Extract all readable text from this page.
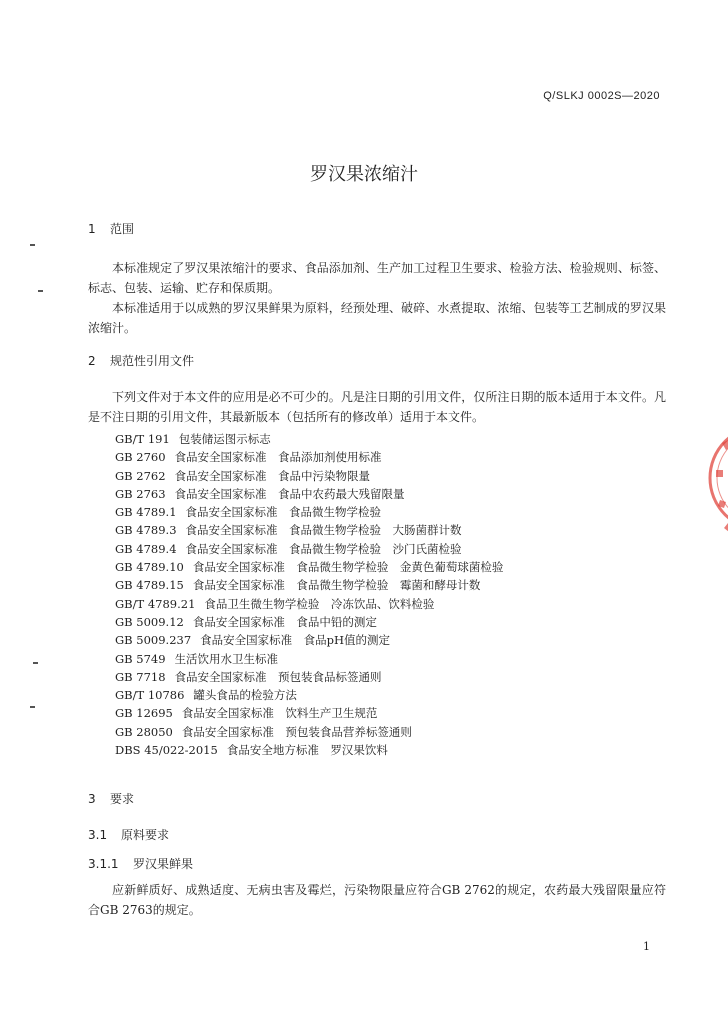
Q/SLKJ 0002S—2020
罗汉果浓缩汁
1 范围

本标准规定了罗汉果浓缩汁的要求、食品添加剂、生产加工过程卫生要求、检验方法、检验规则、标签、标志、包装、运输、贮存和保质期。

本标准适用于以成熟的罗汉果鲜果为原料，经预处理、破碎、水煮提取、浓缩、包装等工艺制成的罗汉果浓缩汁。

2 规范性引用文件

下列文件对于本文件的应用是必不可少的。凡是注日期的引用文件，仅所注日期的版本适用于本文件。凡是不注日期的引用文件，其最新版本（包括所有的修改单）适用于本文件。

GB/T 191 包装储运图示标志
GB 2760 食品安全国家标准　食品添加剂使用标准
GB 2762 食品安全国家标准　食品中污染物限量
GB 2763 食品安全国家标准　食品中农药最大残留限量
GB 4789.1 食品安全国家标准　食品微生物学检验
GB 4789.3 食品安全国家标准　食品微生物学检验　大肠菌群计数
GB 4789.4 食品安全国家标准　食品微生物学检验　沙门氏菌检验
GB 4789.10 食品安全国家标准　食品微生物学检验　金黄色葡萄球菌检验
GB 4789.15 食品安全国家标准　食品微生物学检验　霉菌和酵母计数
GB/T 4789.21 食品卫生微生物学检验　冷冻饮品、饮料检验
GB 5009.12 食品安全国家标准　食品中铅的测定
GB 5009.237 食品安全国家标准　食品pH值的测定
GB 5749 生活饮用水卫生标准
GB 7718 食品安全国家标准　预包装食品标签通则
GB/T 10786 罐头食品的检验方法
GB 12695 食品安全国家标准　饮料生产卫生规范
GB 28050 食品安全国家标准　预包装食品营养标签通则
DBS 45/022-2015 食品安全地方标准　罗汉果饮料
3 要求
3.1 原料要求
3.1.1 罗汉果鲜果

应新鲜质好、成熟适度、无病虫害及霉烂，污染物限量应符合GB 2762的规定，农药最大残留限量应符合GB 2763的规定。

1
